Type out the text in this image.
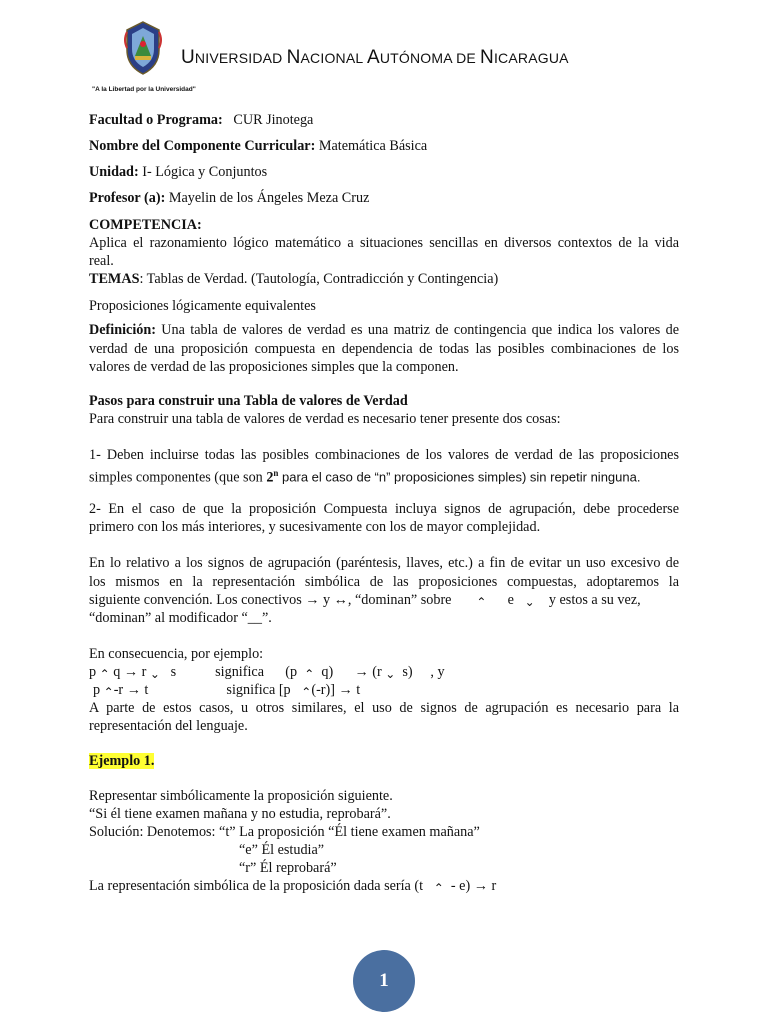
UNIVERSIDAD NACIONAL AUTÓNOMA DE NICARAGUA
"A la Libertad por la Universidad"
Facultad o Programa: CUR Jinotega
Nombre del Componente Curricular: Matemática Básica
Unidad: I- Lógica y Conjuntos
Profesor (a): Mayelin de los Ángeles Meza Cruz
COMPETENCIA:
Aplica el razonamiento lógico matemático a situaciones sencillas en diversos contextos de la vida
real.
TEMAS: Tablas de Verdad. (Tautología, Contradicción y Contingencia)
Proposiciones lógicamente equivalentes
Definición: Una tabla de valores de verdad es una matriz de contingencia que indica los valores de
verdad de una proposición compuesta en dependencia de todas las posibles combinaciones de los
valores de verdad de las proposiciones simples que la componen.
Pasos para construir una Tabla de valores de Verdad
Para construir una tabla de valores de verdad es necesario tener presente dos cosas:
1- Deben incluirse todas las posibles combinaciones de los valores de verdad de las proposiciones
simples componentes (que son 2$^n$ para el caso de “n” proposiciones simples) sin repetir ninguna.
2- En el caso de que la proposición Compuesta incluya signos de agrupación, debe procederse
primero con los más interiores, y sucesivamente con los de mayor complejidad.
En lo relativo a los signos de agrupación (paréntesis, llaves, etc.) a fin de evitar un uso excesivo de
los mismos en la representación simbólica de las proposiciones compuestas, adoptaremos la
siguiente convención. Los conectivos → y ↔, “dominan” sobre ⌃ e ⌄ y estos a su vez,
“dominan” al modificador “__”.
En consecuencia, por ejemplo:
p ⌃ q → r ⌄ s	significa (p ⌃ q) → (r ⌄ s) , y
p ⌃-r → t	significa [p ⌃(-r)] → t
A parte de estos casos, u otros similares, el uso de signos de agrupación es necesario para la
representación del lenguaje.
Ejemplo 1.
Representar simbólicamente la proposición siguiente.
“Si él tiene examen mañana y no estudia, reprobará”.
Solución: Denotemos: “t” La proposición “Él tiene examen mañana”
“e” Él estudia”
“r” Él reprobará”
La representación simbólica de la proposición dada sería (t ⌃ - e) → r
1
